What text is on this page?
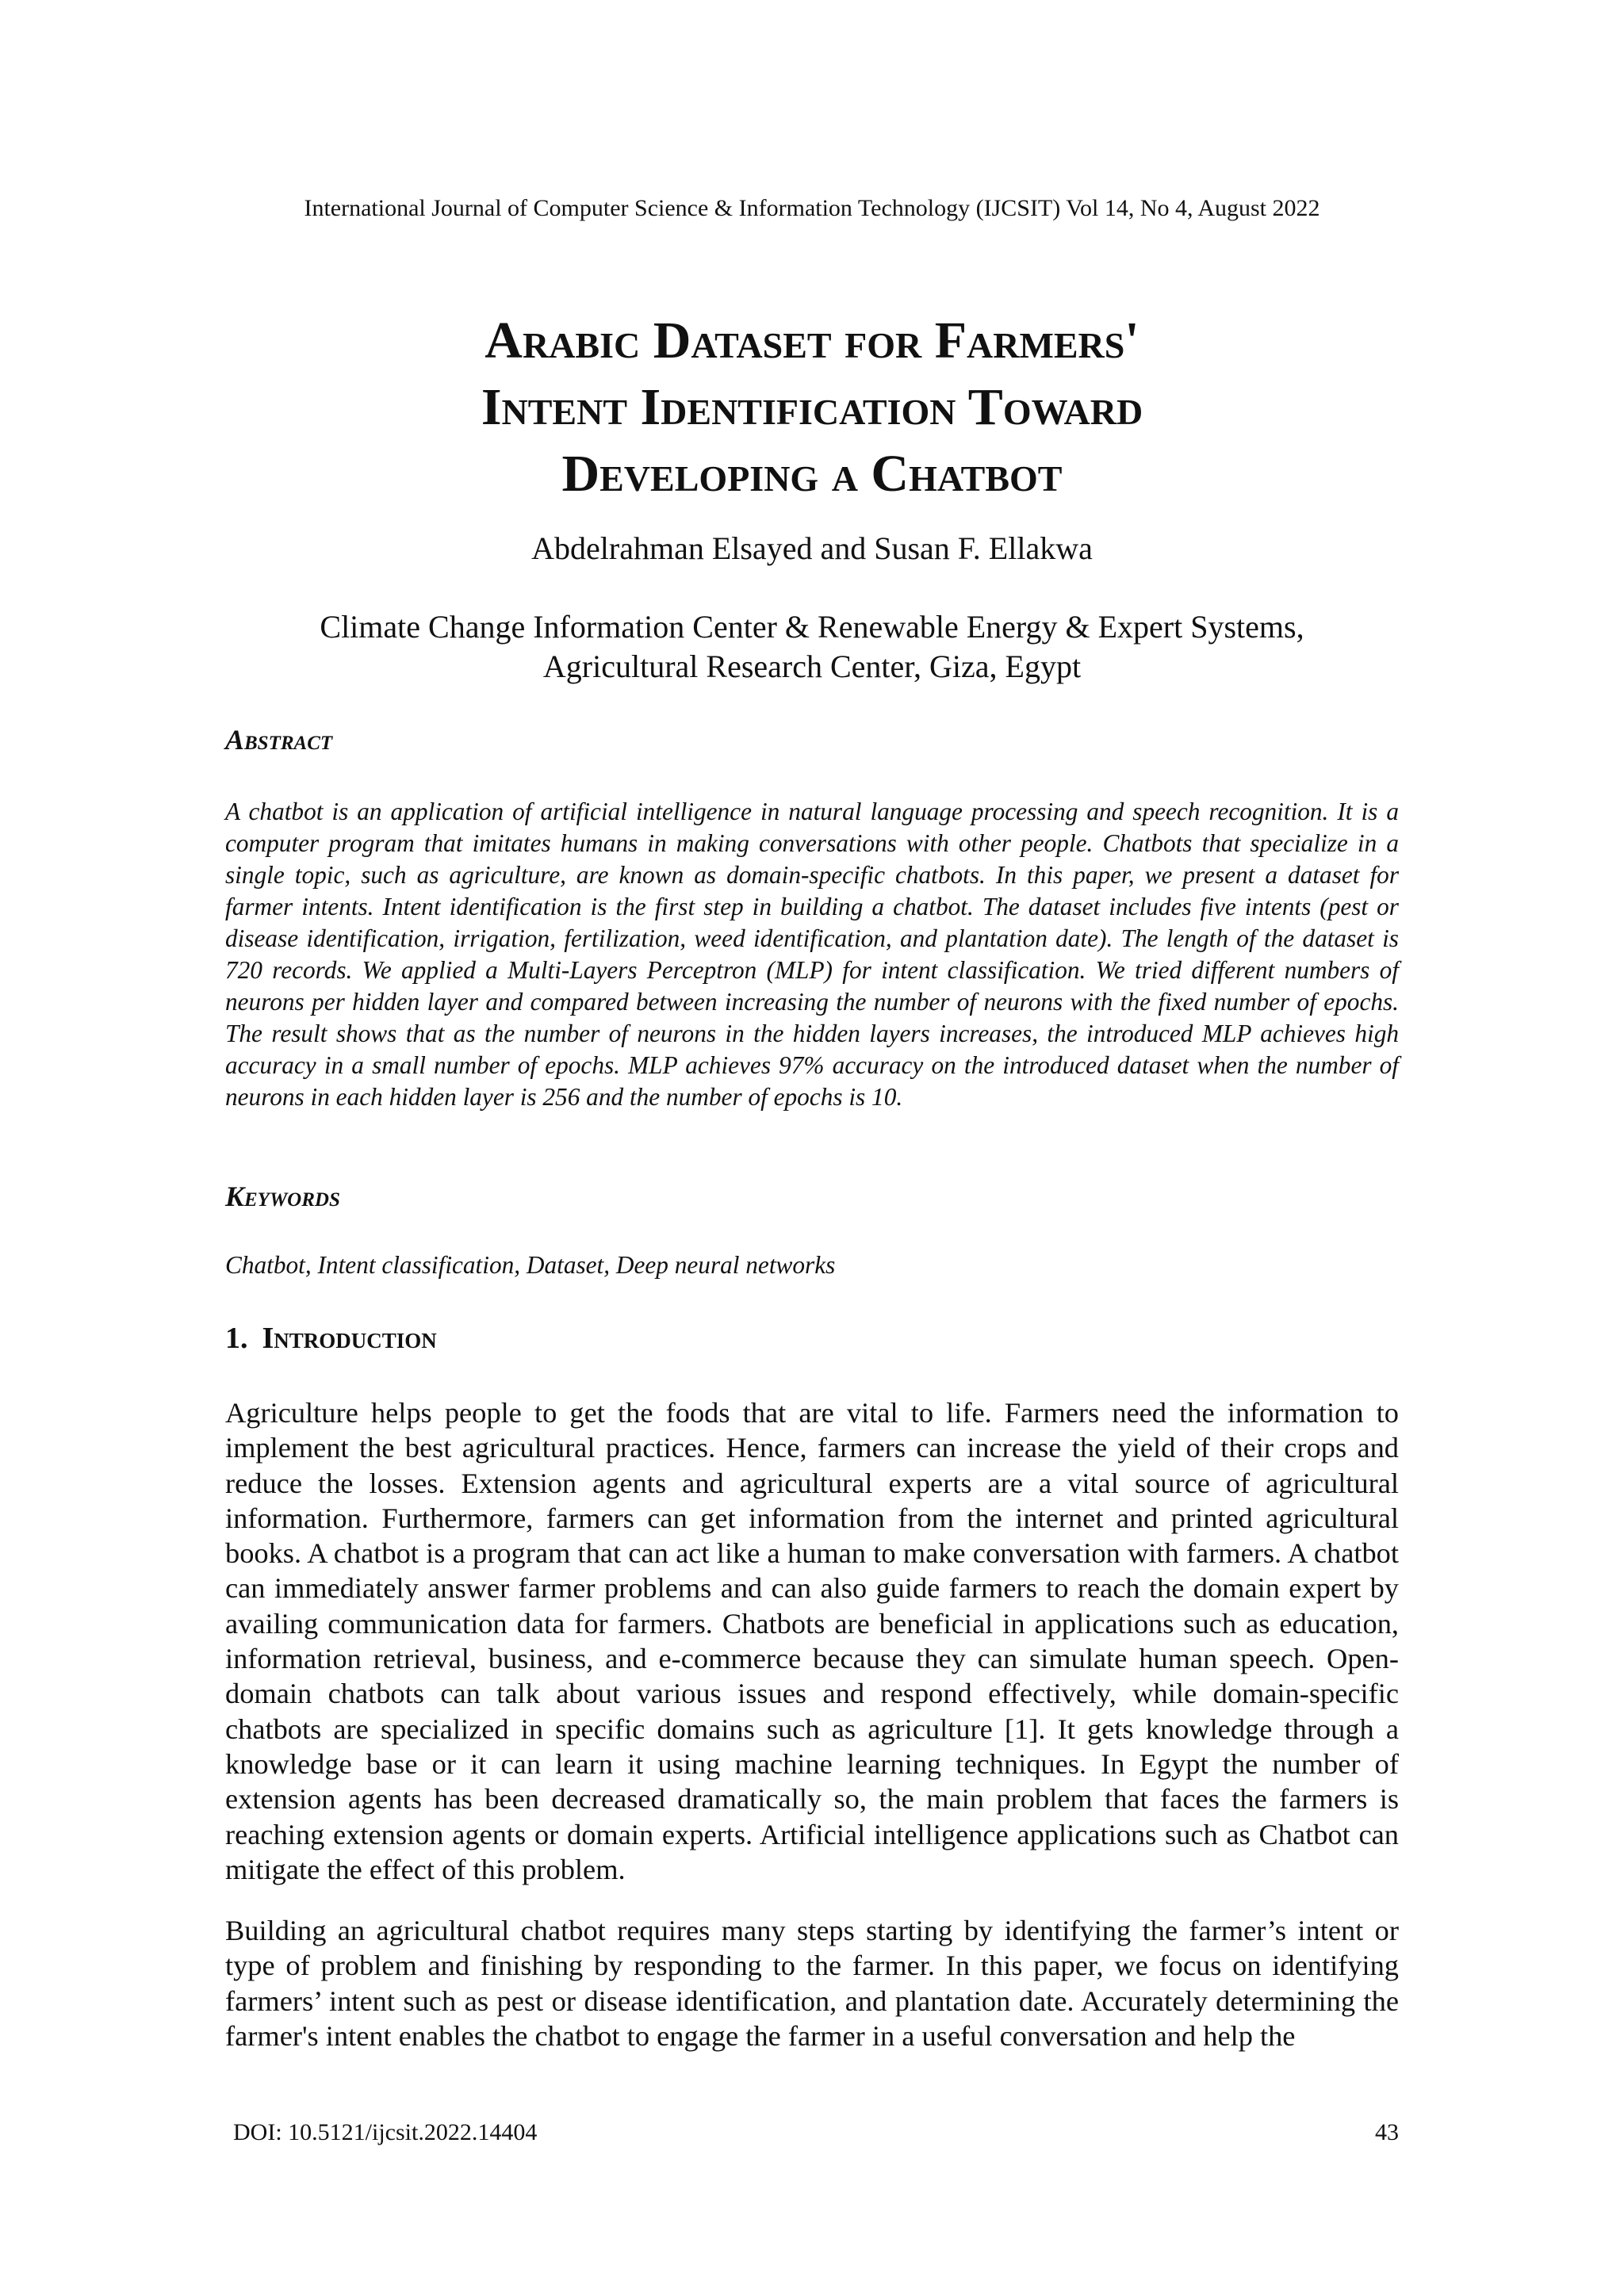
International Journal of Computer Science & Information Technology (IJCSIT) Vol 14, No 4, August 2022
Arabic Dataset for Farmers'
Intent Identification Toward
Developing a Chatbot
Abdelrahman Elsayed and Susan F. Ellakwa
Climate Change Information Center & Renewable Energy & Expert Systems,
Agricultural Research Center, Giza, Egypt
Abstract

A chatbot is an application of artificial intelligence in natural language processing and speech recognition. It is a computer program that imitates humans in making conversations with other people. Chatbots that specialize in a single topic, such as agriculture, are known as domain-specific chatbots. In this paper, we present a dataset for farmer intents. Intent identification is the first step in building a chatbot. The dataset includes five intents (pest or disease identification, irrigation, fertilization, weed identification, and plantation date). The length of the dataset is 720 records. We applied a Multi-Layers Perceptron (MLP) for intent classification. We tried different numbers of neurons per hidden layer and compared between increasing the number of neurons with the fixed number of epochs. The result shows that as the number of neurons in the hidden layers increases, the introduced MLP achieves high accuracy in a small number of epochs. MLP achieves 97% accuracy on the introduced dataset when the number of neurons in each hidden layer is 256 and the number of epochs is 10.

Keywords

Chatbot, Intent classification, Dataset, Deep neural networks

1. Introduction

Agriculture helps people to get the foods that are vital to life. Farmers need the information to implement the best agricultural practices. Hence, farmers can increase the yield of their crops and reduce the losses. Extension agents and agricultural experts are a vital source of agricultural information. Furthermore, farmers can get information from the internet and printed agricultural books. A chatbot is a program that can act like a human to make conversation with farmers. A chatbot can immediately answer farmer problems and can also guide farmers to reach the domain expert by availing communication data for farmers. Chatbots are beneficial in applications such as education, information retrieval, business, and e-commerce because they can simulate human speech. Open-domain chatbots can talk about various issues and respond effectively, while domain-specific chatbots are specialized in specific domains such as agriculture [1]. It gets knowledge through a knowledge base or it can learn it using machine learning techniques. In Egypt the number of extension agents has been decreased dramatically so, the main problem that faces the farmers is reaching extension agents or domain experts. Artificial intelligence applications such as Chatbot can mitigate the effect of this problem.

Building an agricultural chatbot requires many steps starting by identifying the farmer’s intent or type of problem and finishing by responding to the farmer. In this paper, we focus on identifying farmers’ intent such as pest or disease identification, and plantation date. Accurately determining the farmer's intent enables the chatbot to engage the farmer in a useful conversation and help the

DOI: 10.5121/ijcsit.2022.14404	43
